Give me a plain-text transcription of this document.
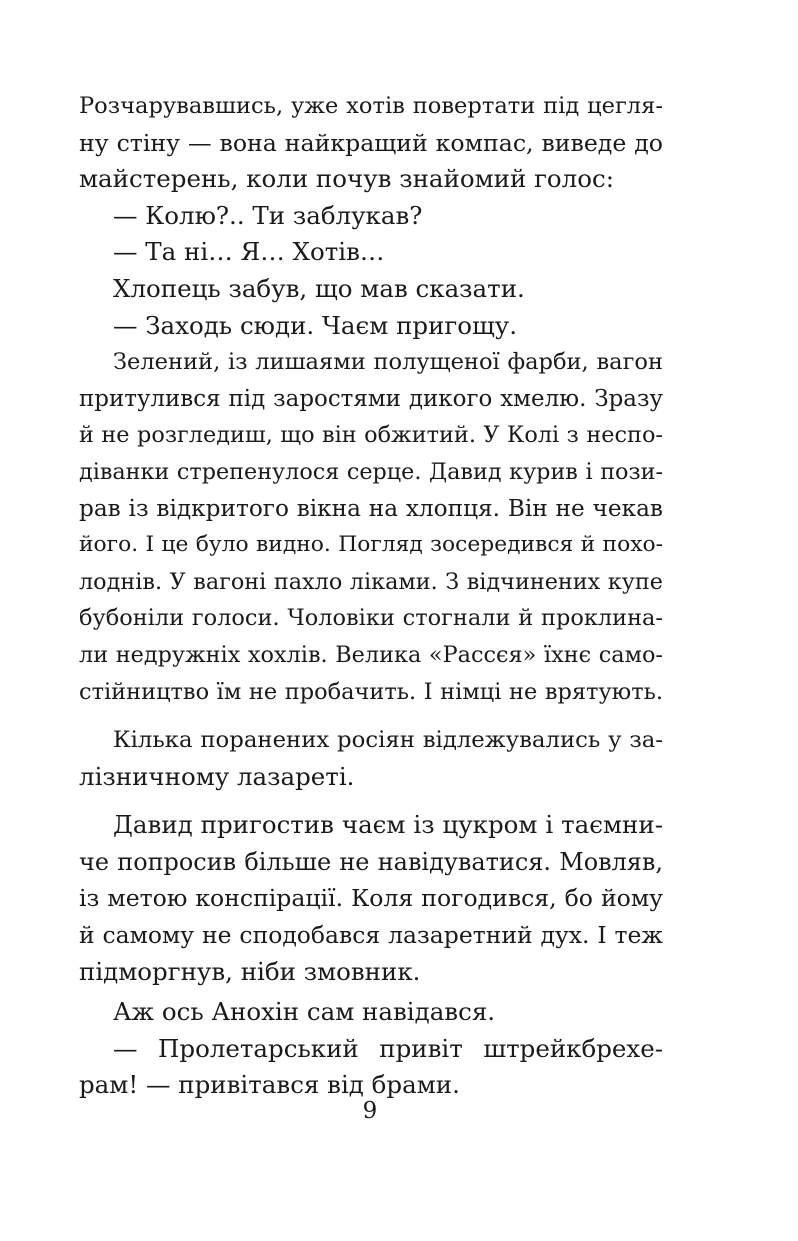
Розчарувавшись, уже хотів повертати під цегля-
ну стіну — вона найкращий компас, виведе до
майстерень, коли почув знайомий голос:
— Колю?.. Ти заблукав?
— Та ні… Я… Хотів…
Хлопець забув, що мав сказати.
— Заходь сюди. Чаєм пригощу.
Зелений, із лишаями полущеної фарби, вагон
притулився під заростями дикого хмелю. Зразу
й не розгледиш, що він обжитий. У Колі з неспо-
діванки стрепенулося серце. Давид курив і пози-
рав із відкритого вікна на хлопця. Він не чекав
його. І це було видно. Погляд зосередився й похо-
лоднів. У вагоні пахло ліками. З відчинених купе
бубоніли голоси. Чоловіки стогнали й проклина-
ли недружніх хохлів. Велика «Рассєя» їхнє само-
стійництво їм не пробачить. І німці не врятують.
Кілька поранених росіян відлежувались у за-
лізничному лазареті.
Давид пригостив чаєм із цукром і таємни-
че попросив більше не навідуватися. Мовляв,
із метою конспірації. Коля погодився, бо йому
й самому не сподобався лазаретний дух. І теж
підморгнув, ніби змовник.
Аж ось Анохін сам навідався.
— Пролетарський привіт штрейкбрехе-
рам! — привітався від брами.
9
